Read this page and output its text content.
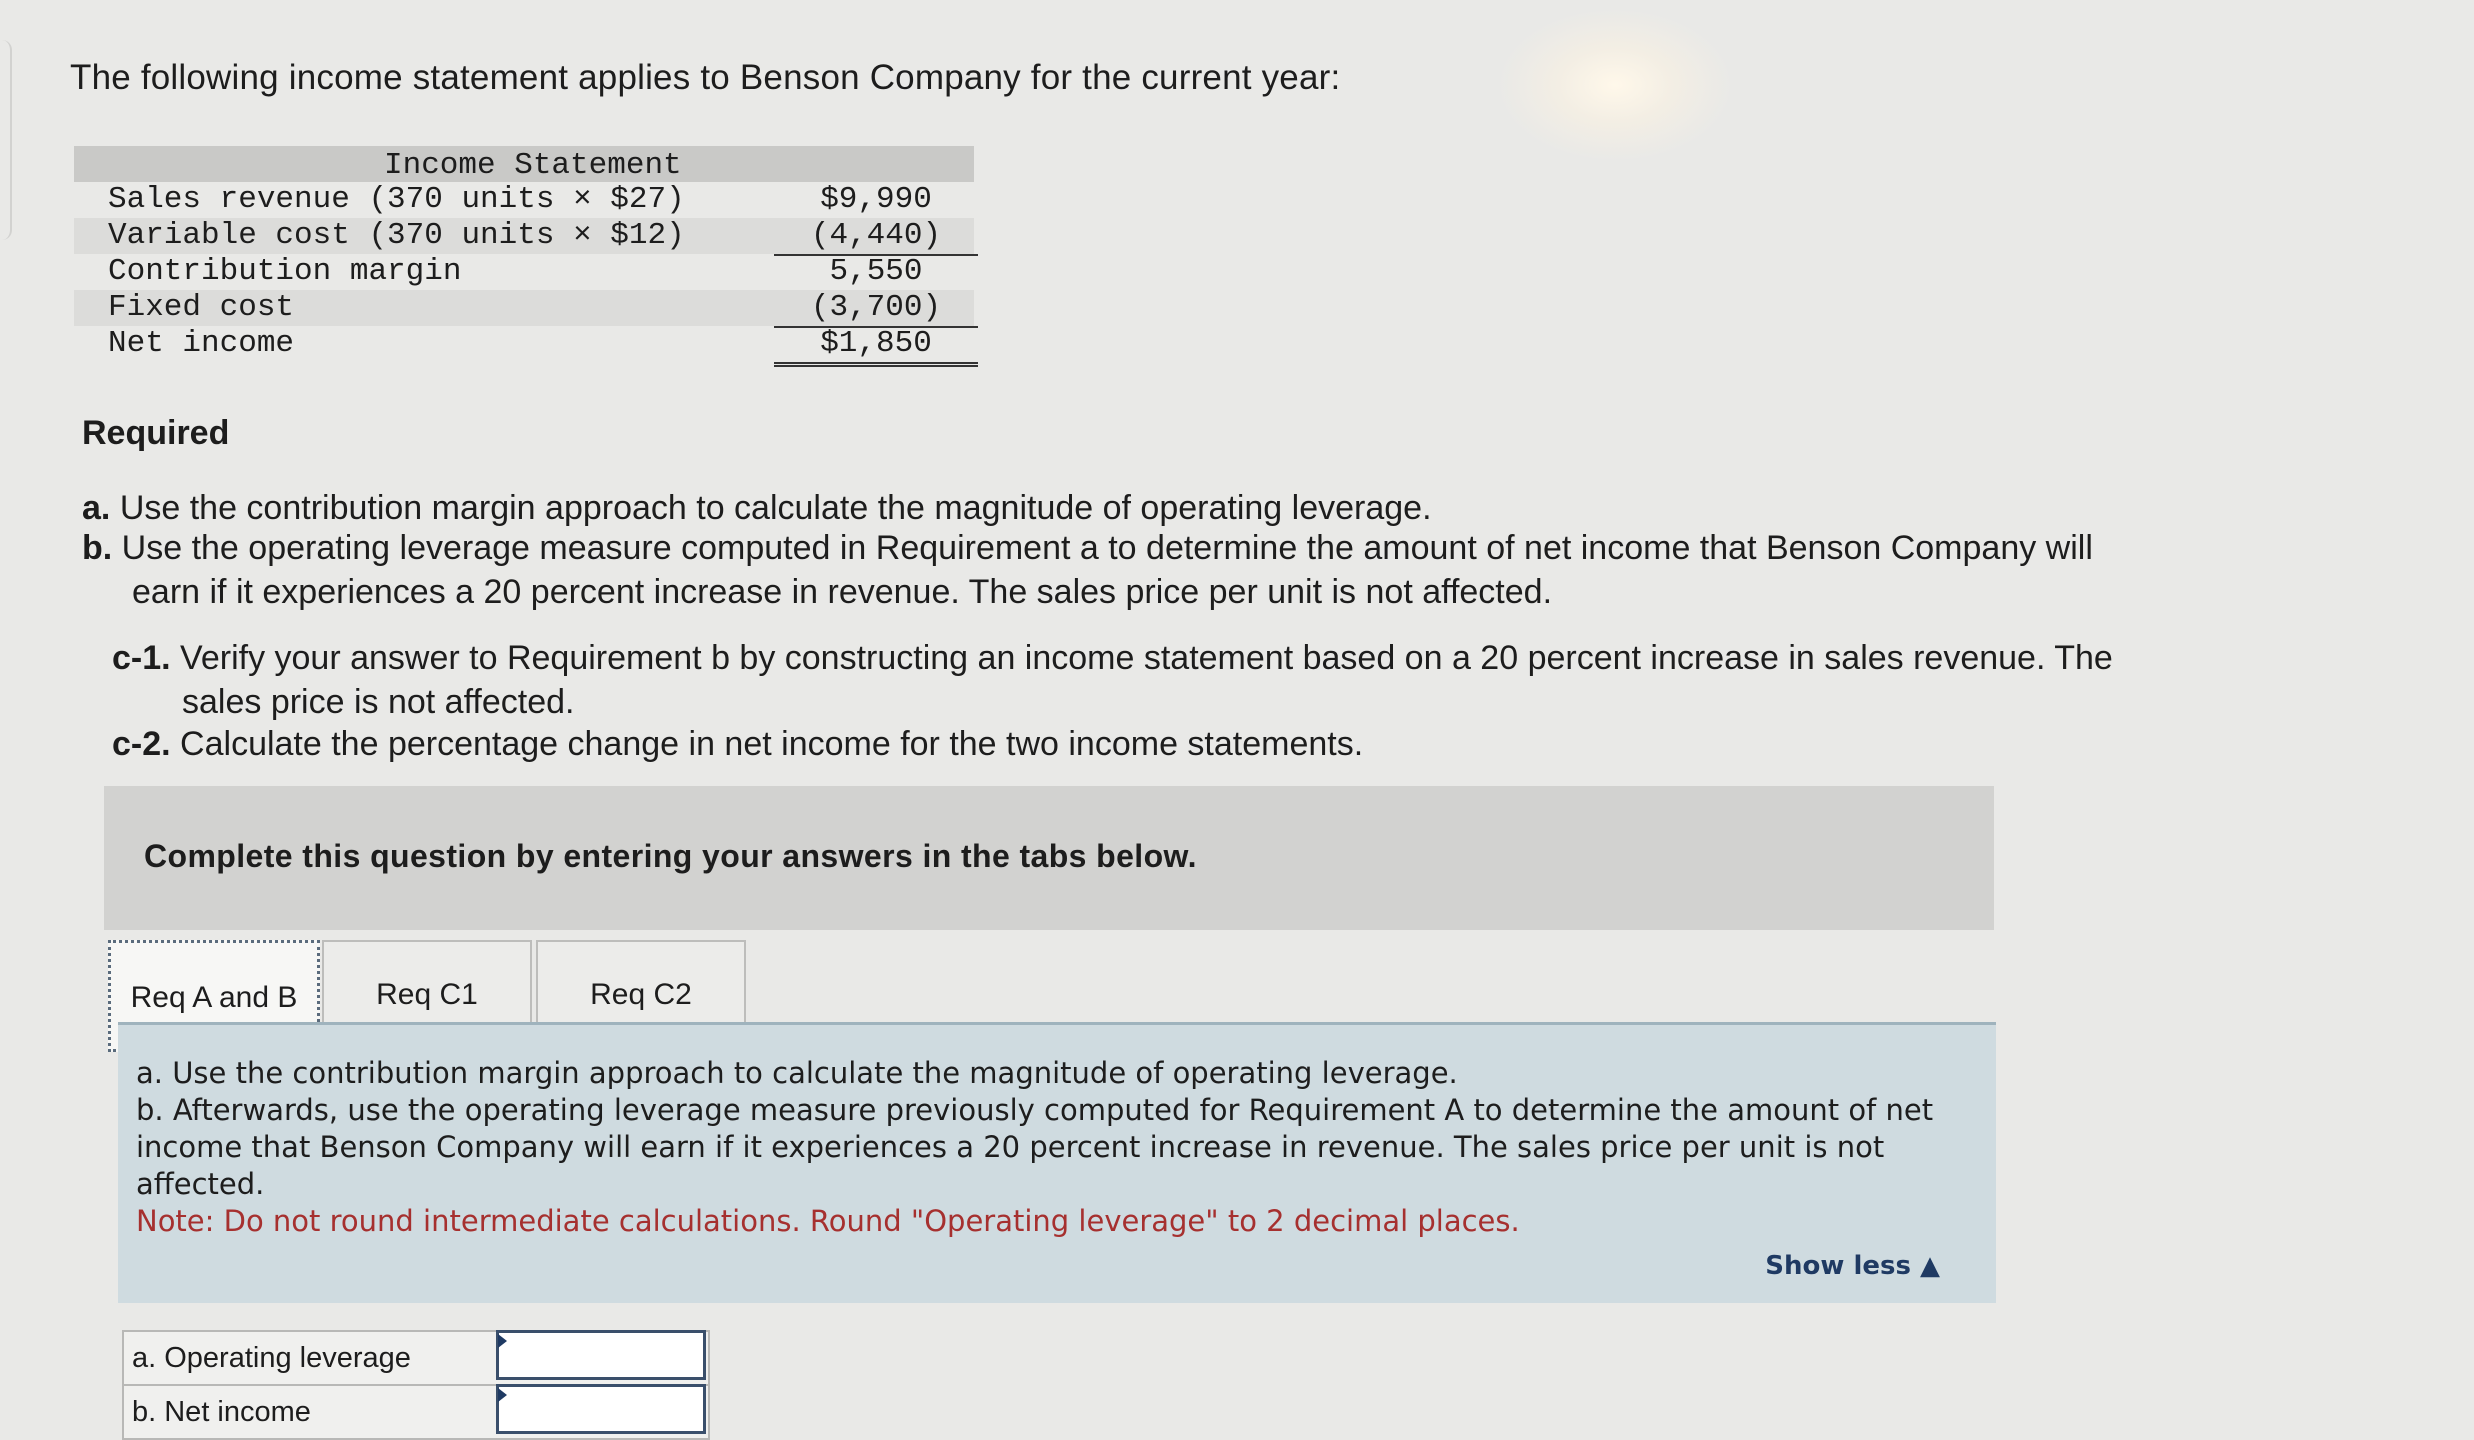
The following income statement applies to Benson Company for the current year:
Income Statement
Sales revenue (370 units × $27)	$9,990
Variable cost (370 units × $12)	(4,440)
Contribution margin	5,550
Fixed cost	(3,700)
Net income	$1,850
Required
a. Use the contribution margin approach to calculate the magnitude of operating leverage.
b. Use the operating leverage measure computed in Requirement a to determine the amount of net income that Benson Company will
earn if it experiences a 20 percent increase in revenue. The sales price per unit is not affected.
c-1. Verify your answer to Requirement b by constructing an income statement based on a 20 percent increase in sales revenue. The
sales price is not affected.
c-2. Calculate the percentage change in net income for the two income statements.
Complete this question by entering your answers in the tabs below.
Req A and B	Req C1	Req C2
a. Use the contribution margin approach to calculate the magnitude of operating leverage.
b. Afterwards, use the operating leverage measure previously computed for Requirement A to determine the amount of net income that Benson Company will earn if it experiences a 20 percent increase in revenue. The sales price per unit is not affected.
Note: Do not round intermediate calculations. Round "Operating leverage" to 2 decimal places.
Show less ▲
a. Operating leverage
b. Net income
